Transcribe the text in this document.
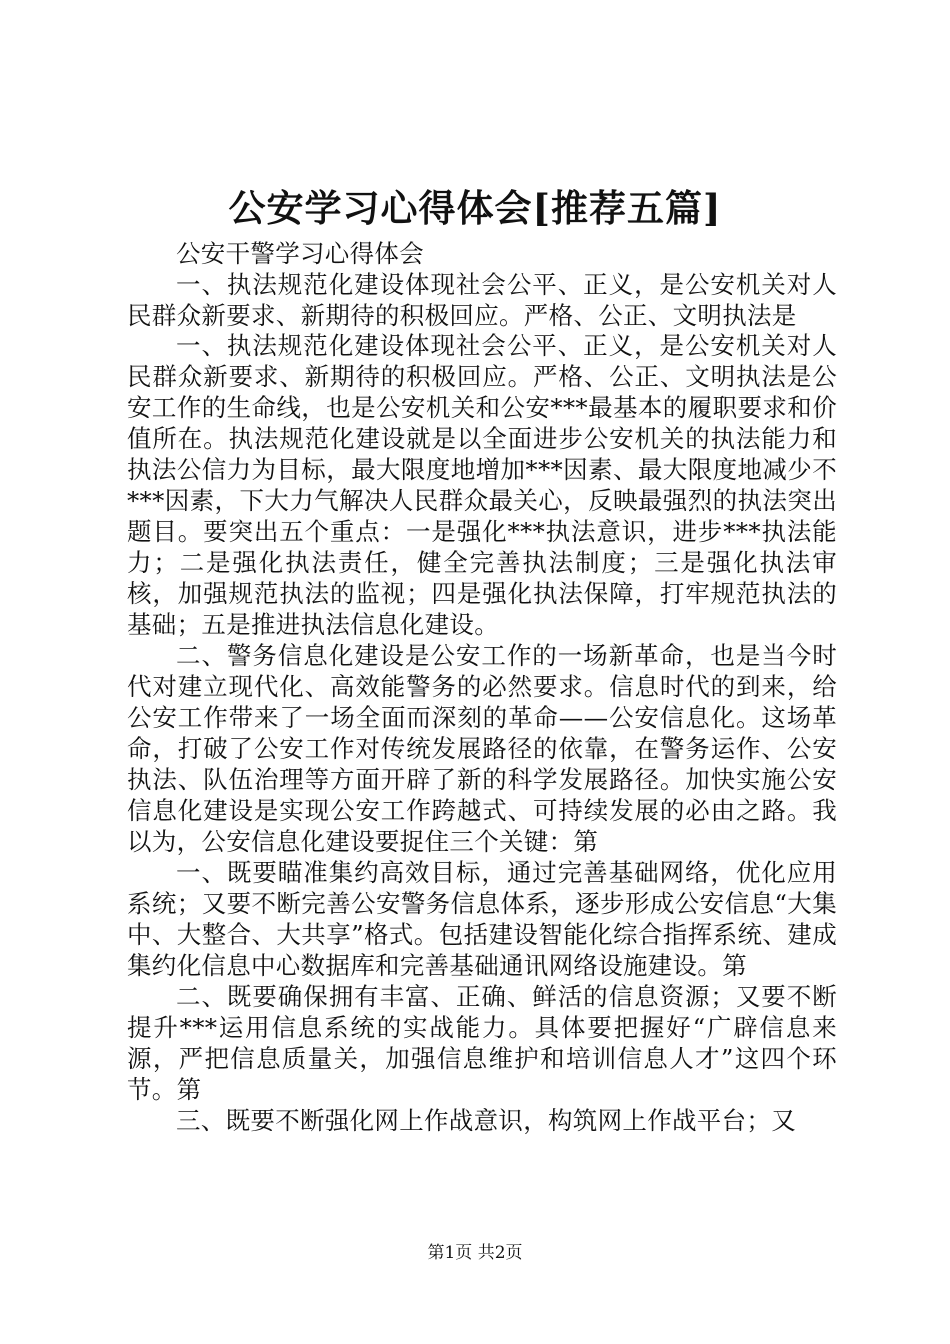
公安学习心得体会[推荐五篇]

公安干警学习心得体会

一、执法规范化建设体现社会公平、正义，是公安机关对人民群众新要求、新期待的积极回应。严格、公正、文明执法是

一、执法规范化建设体现社会公平、正义，是公安机关对人民群众新要求、新期待的积极回应。严格、公正、文明执法是公安工作的生命线，也是公安机关和公安***最基本的履职要求和价值所在。执法规范化建设就是以全面进步公安机关的执法能力和执法公信力为目标，最大限度地增加***因素、最大限度地减少不***因素，下大力气解决人民群众最关心，反映最强烈的执法突出题目。要突出五个重点：一是强化***执法意识，进步***执法能力；二是强化执法责任，健全完善执法制度；三是强化执法审核，加强规范执法的监视；四是强化执法保障，打牢规范执法的基础；五是推进执法信息化建设。

二、警务信息化建设是公安工作的一场新革命，也是当今时代对建立现代化、高效能警务的必然要求。信息时代的到来，给公安工作带来了一场全面而深刻的革命——公安信息化。这场革命，打破了公安工作对传统发展路径的依靠，在警务运作、公安执法、队伍治理等方面开辟了新的科学发展路径。加快实施公安信息化建设是实现公安工作跨越式、可持续发展的必由之路。我以为，公安信息化建设要捉住三个关键：第

一、既要瞄准集约高效目标，通过完善基础网络，优化应用系统；又要不断完善公安警务信息体系，逐步形成公安信息“大集中、大整合、大共享”格式。包括建设智能化综合指挥系统、建成集约化信息中心数据库和完善基础通讯网络设施建设。第

二、既要确保拥有丰富、正确、鲜活的信息资源；又要不断提升***运用信息系统的实战能力。具体要把握好“广辟信息来源，严把信息质量关，加强信息维护和培训信息人才”这四个环节。第

三、既要不断强化网上作战意识，构筑网上作战平台；又

第1页 共2页
